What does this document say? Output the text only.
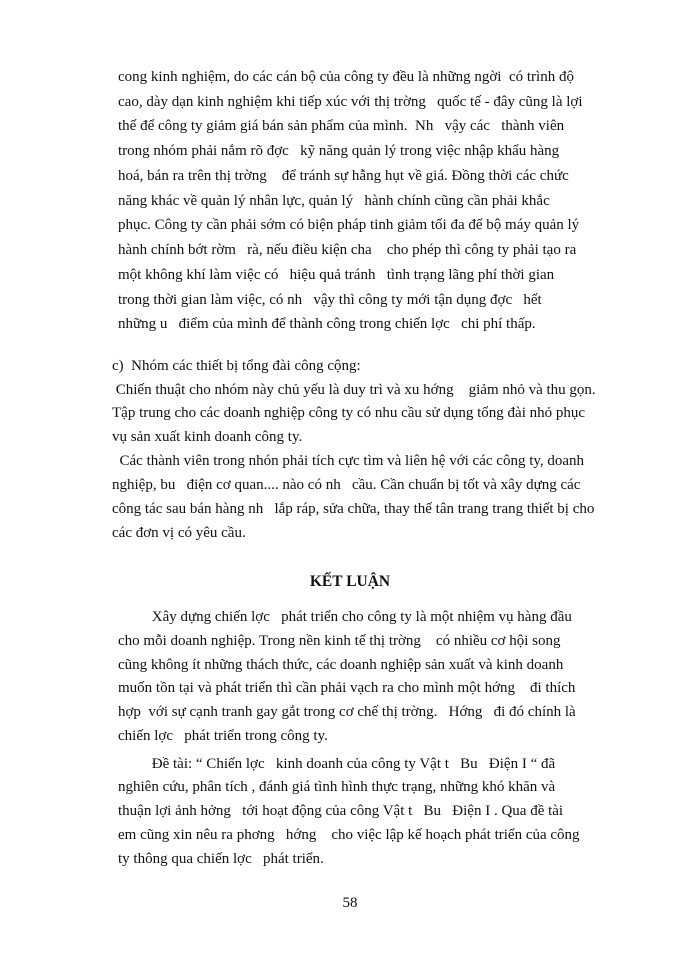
cong kinh nghiệm, do các cán bộ của công ty đều là những ngời  có trình độ
cao, dày dạn kinh nghiệm khi tiếp xúc với thị trờng   quốc tế - đây cũng là lợi
thế để công ty giảm giá bán sản phẩm của mình.  Nh   vậy các   thành viên
trong nhóm phải nắm rõ đợc   kỹ năng quản lý trong việc nhập khẩu hàng
hoá, bán ra trên thị trờng    để tránh sự hẫng hụt về giá. Đồng thời các chức
năng khác về quản lý nhân lực, quản lý   hành chính cũng cần phải khắc
phục. Công ty cần phải sớm có biện pháp tinh giảm tối đa để bộ máy quản lý
hành chính bớt rờm   rà, nếu điều kiện cha    cho phép thì công ty phải tạo ra
một không khí làm việc có   hiệu quả tránh   tình trạng lãng phí thời gian
trong thời gian làm việc, có nh   vậy thì công ty mới tận dụng đợc   hết
những u   điểm của mình để thành công trong chiến lợc   chi phí thấp.
c)  Nhóm các thiết bị tổng đài công cộng:
Chiến thuật cho nhóm này chủ yếu là duy trì và xu hớng    giảm nhỏ và thu gọn.
Tập trung cho các doanh nghiệp công ty có nhu cầu sử dụng tổng đài nhỏ phục
vụ sản xuất kinh doanh công ty.
Các thành viên trong nhón phải tích cực tìm và liên hệ với các công ty, doanh
nghiệp, bu   điện cơ quan.... nào có nh   cầu. Cần chuẩn bị tốt và xây dựng các
công tác sau bán hàng nh   lắp ráp, sửa chữa, thay thế tân trang trang thiết bị cho
các đơn vị có yêu cầu.
KẾT LUẬN
Xây dựng chiến lợc   phát triển cho công ty là một nhiệm vụ hàng đầu
cho mỗi doanh nghiệp. Trong nền kinh tế thị trờng    có nhiều cơ hội song
cũng không ít những thách thức, các doanh nghiệp sản xuất và kinh doanh
muốn tồn tại và phát triển thì cần phải vạch ra cho mình một hớng    đi thích
hợp  với sự cạnh tranh gay gắt trong cơ chế thị trờng.   Hớng   đi đó chính là
chiến lợc   phát triển trong công ty.
Đề tài: “ Chiến lợc   kinh doanh của công ty Vật t   Bu   Điện I “ đã
nghiên cứu, phân tích , đánh giá tình hình thực trạng, những khó khăn và
thuận lợi ảnh hởng   tới hoạt động của công Vật t   Bu   Điện I . Qua đề tài
em cũng xin nêu ra phơng   hớng    cho việc lập kế hoạch phát triển của công
ty thông qua chiến lợc   phát triển.
58
